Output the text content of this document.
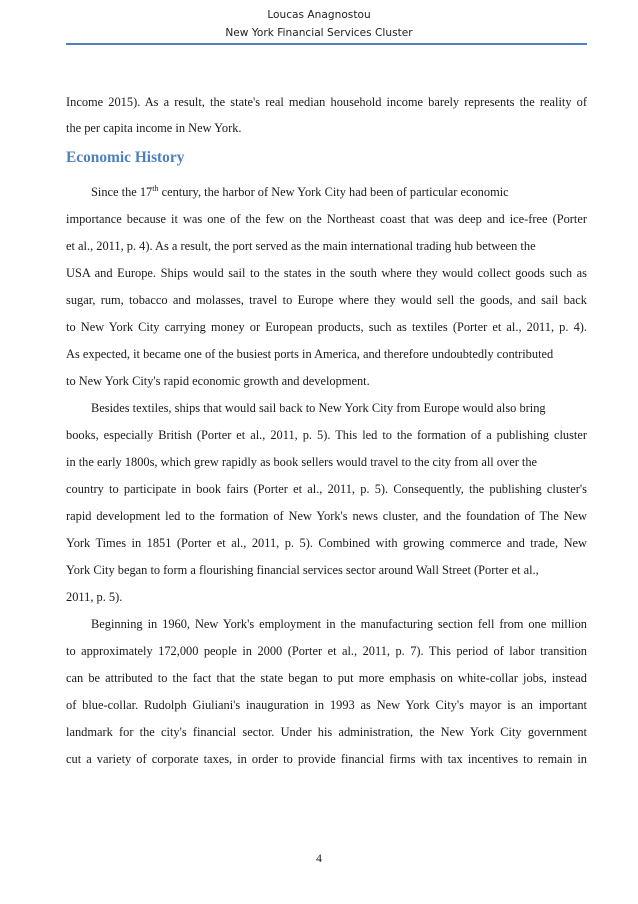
Loucas Anagnostou
New York Financial Services Cluster
Income 2015). As a result, the state's real median household income barely represents the reality of
the per capita income in New York.
Economic History
Since the 17th century, the harbor of New York City had been of particular economic
importance because it was one of the few on the Northeast coast that was deep and ice-free (Porter
et al., 2011, p. 4). As a result, the port served as the main international trading hub between the
USA and Europe. Ships would sail to the states in the south where they would collect goods such as
sugar, rum, tobacco and molasses, travel to Europe where they would sell the goods, and sail back
to New York City carrying money or European products, such as textiles (Porter et al., 2011, p. 4).
As expected, it became one of the busiest ports in America, and therefore undoubtedly contributed
to New York City's rapid economic growth and development.
Besides textiles, ships that would sail back to New York City from Europe would also bring
books, especially British (Porter et al., 2011, p. 5). This led to the formation of a publishing cluster
in the early 1800s, which grew rapidly as book sellers would travel to the city from all over the
country to participate in book fairs (Porter et al., 2011, p. 5). Consequently, the publishing cluster's
rapid development led to the formation of New York's news cluster, and the foundation of The New
York Times in 1851 (Porter et al., 2011, p. 5). Combined with growing commerce and trade, New
York City began to form a flourishing financial services sector around Wall Street (Porter et al.,
2011, p. 5).
Beginning in 1960, New York's employment in the manufacturing section fell from one million
to approximately 172,000 people in 2000 (Porter et al., 2011, p. 7). This period of labor transition
can be attributed to the fact that the state began to put more emphasis on white-collar jobs, instead
of blue-collar. Rudolph Giuliani's inauguration in 1993 as New York City's mayor is an important
landmark for the city's financial sector. Under his administration, the New York City government
cut a variety of corporate taxes, in order to provide financial firms with tax incentives to remain in
4
